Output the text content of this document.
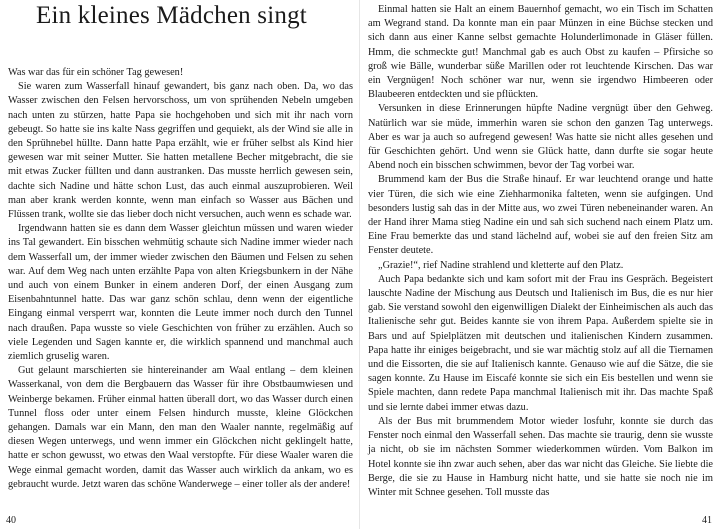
Ein kleines Mädchen singt

Was war das für ein schöner Tag gewesen!

Sie waren zum Wasserfall hinauf gewandert, bis ganz nach oben. Da, wo das Wasser zwischen den Felsen hervorschoss, um von sprühenden Nebeln umgeben nach unten zu stürzen, hatte Papa sie hochgehoben und sich mit ihr nach vorn gebeugt. So hatte sie ins kalte Nass gegriffen und gequiekt, als der Wind sie alle in den Sprühnebel hüllte. Dann hatte Papa erzählt, wie er früher selbst als Kind hier gewesen war mit seiner Mutter. Sie hatten metallene Becher mitgebracht, die sie mit etwas Zucker füllten und dann austranken. Das musste herrlich gewesen sein, dachte sich Nadine und hätte schon Lust, das auch einmal auszuprobieren. Weil man aber krank werden konnte, wenn man einfach so Wasser aus Bächen und Flüssen trank, wollte sie das lieber doch nicht versuchen, auch wenn es schade war.

Irgendwann hatten sie es dann dem Wasser gleichtun müssen und waren wieder ins Tal gewandert. Ein bisschen wehmütig schaute sich Nadine immer wieder nach dem Wasserfall um, der immer wieder zwischen den Bäumen und Felsen zu sehen war. Auf dem Weg nach unten erzählte Papa von alten Kriegsbunkern in der Nähe und auch von einem Bunker in einem anderen Dorf, der einen Ausgang zum Eisenbahntunnel hatte. Das war ganz schön schlau, denn wenn der eigentliche Eingang einmal versperrt war, konnten die Leute immer noch durch den Tunnel nach draußen. Papa wusste so viele Geschichten von früher zu erzählen. Auch so viele Legenden und Sagen kannte er, die wirklich spannend und manchmal auch ziemlich gruselig waren.

Gut gelaunt marschierten sie hintereinander am Waal entlang – dem kleinen Wasserkanal, von dem die Bergbauern das Wasser für ihre Obstbaumwiesen und Weinberge bekamen. Früher einmal hatten überall dort, wo das Wasser durch einen Tunnel floss oder unter einem Felsen hindurch musste, kleine Glöckchen gehangen. Damals war ein Mann, den man den Waaler nannte, regelmäßig auf diesen Wegen unterwegs, und wenn immer ein Glöckchen nicht geklingelt hatte, hatte er schon gewusst, wo etwas den Waal verstopfte. Für diese Waaler waren die Wege einmal gemacht worden, damit das Wasser auch wirklich da ankam, wo es gebraucht wurde. Jetzt waren das schöne Wanderwege – einer toller als der andere!

40

Einmal hatten sie Halt an einem Bauernhof gemacht, wo ein Tisch im Schatten am Wegrand stand. Da konnte man ein paar Münzen in eine Büchse stecken und sich dann aus einer Kanne selbst gemachte Holunderlimonade in Gläser füllen. Hmm, die schmeckte gut! Manchmal gab es auch Obst zu kaufen – Pfirsiche so groß wie Bälle, wunderbar süße Marillen oder rot leuchtende Kirschen. Das war ein Vergnügen! Noch schöner war nur, wenn sie irgendwo Himbeeren oder Blaubeeren entdeckten und sie pflückten.

Versunken in diese Erinnerungen hüpfte Nadine vergnügt über den Gehweg. Natürlich war sie müde, immerhin waren sie schon den ganzen Tag unterwegs. Aber es war ja auch so aufregend gewesen! Was hatte sie nicht alles gesehen und für Geschichten gehört. Und wenn sie Glück hatte, dann durfte sie sogar heute Abend noch ein bisschen schwimmen, bevor der Tag vorbei war.

Brummend kam der Bus die Straße hinauf. Er war leuchtend orange und hatte vier Türen, die sich wie eine Ziehharmonika falteten, wenn sie aufgingen. Und besonders lustig sah das in der Mitte aus, wo zwei Türen nebeneinander waren. An der Hand ihrer Mama stieg Nadine ein und sah sich suchend nach einem Platz um. Eine Frau bemerkte das und stand lächelnd auf, wobei sie auf den freien Sitz am Fenster deutete.

„Grazie!“, rief Nadine strahlend und kletterte auf den Platz.

Auch Papa bedankte sich und kam sofort mit der Frau ins Gespräch. Begeistert lauschte Nadine der Mischung aus Deutsch und Italienisch im Bus, die es nur hier gab. Sie verstand sowohl den eigenwilligen Dialekt der Einheimischen als auch das Italienische sehr gut. Beides kannte sie von ihrem Papa. Außerdem spielte sie in Bars und auf Spielplätzen mit deutschen und italienischen Kindern zusammen. Papa hatte ihr einiges beigebracht, und sie war mächtig stolz auf all die Tiernamen und die Eissorten, die sie auf Italienisch kannte. Genauso wie auf die Sätze, die sie sagen konnte. Zu Hause im Eiscafé konnte sie sich ein Eis bestellen und wenn sie Spiele machten, dann redete Papa manchmal Italienisch mit ihr. Das machte Spaß und sie lernte dabei immer etwas dazu.

Als der Bus mit brummendem Motor wieder losfuhr, konnte sie durch das Fenster noch einmal den Wasserfall sehen. Das machte sie traurig, denn sie wusste ja nicht, ob sie im nächsten Sommer wiederkommen würden. Vom Balkon im Hotel konnte sie ihn zwar auch sehen, aber das war nicht das Gleiche. Sie liebte die Berge, die sie zu Hause in Hamburg nicht hatte, und sie hatte sie noch nie im Winter mit Schnee gesehen. Toll musste das

41
